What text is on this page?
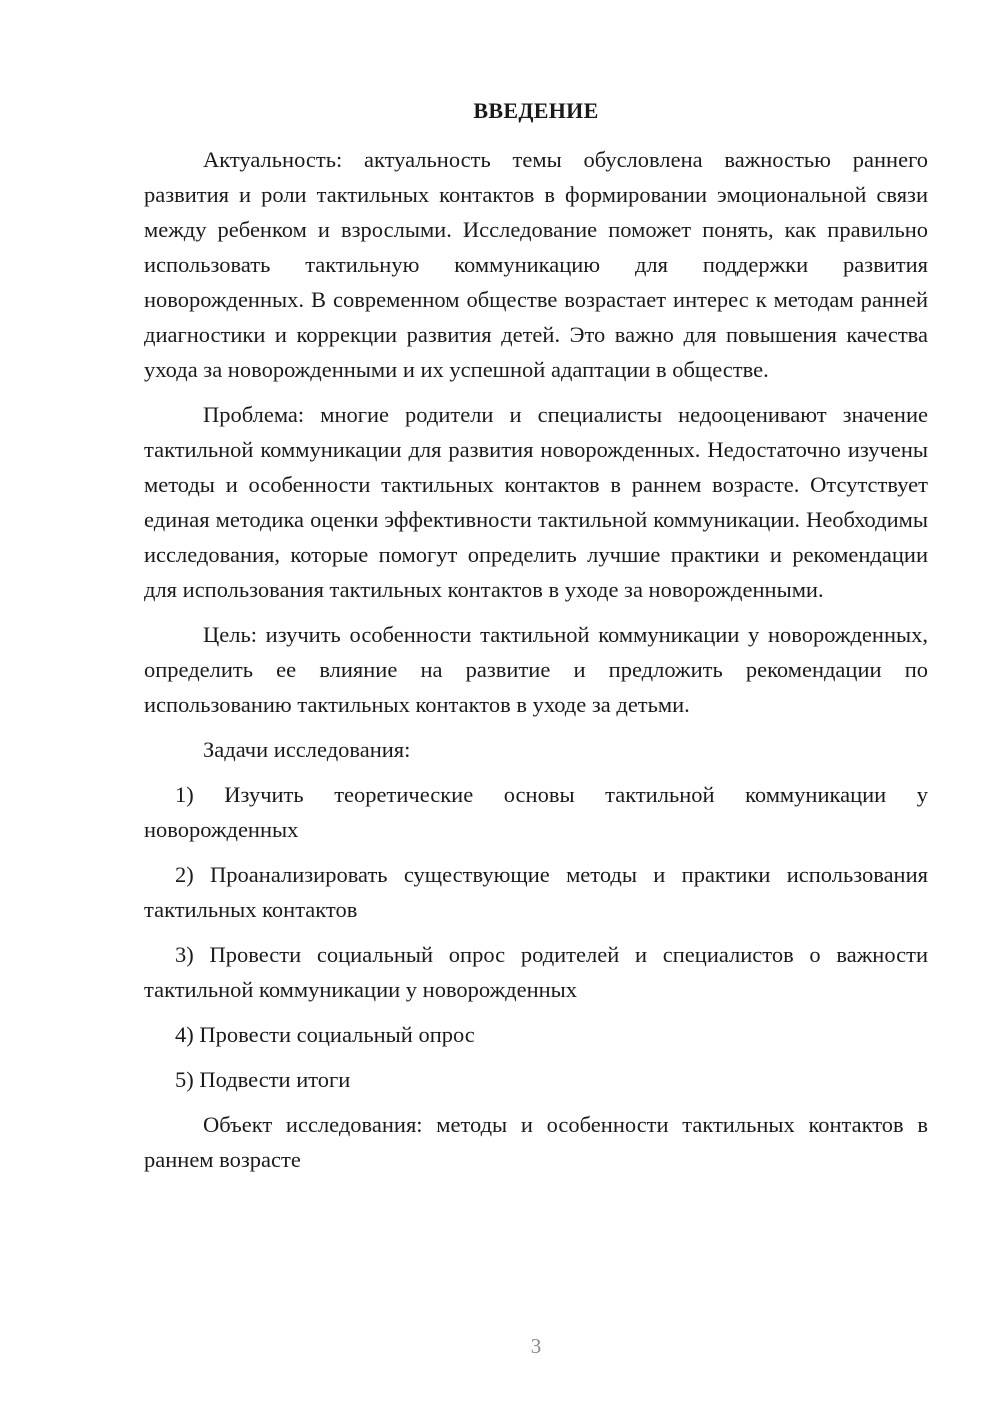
ВВЕДЕНИЕ

Актуальность: актуальность темы обусловлена важностью раннего развития и роли тактильных контактов в формировании эмоциональной связи между ребенком и взрослыми. Исследование поможет понять, как правильно использовать тактильную коммуникацию для поддержки развития новорожденных. В современном обществе возрастает интерес к методам ранней диагностики и коррекции развития детей. Это важно для повышения качества ухода за новорожденными и их успешной адаптации в обществе.

Проблема: многие родители и специалисты недооценивают значение тактильной коммуникации для развития новорожденных. Недостаточно изучены методы и особенности тактильных контактов в раннем возрасте. Отсутствует единая методика оценки эффективности тактильной коммуникации. Необходимы исследования, которые помогут определить лучшие практики и рекомендации для использования тактильных контактов в уходе за новорожденными.

Цель: изучить особенности тактильной коммуникации у новорожденных, определить ее влияние на развитие и предложить рекомендации по использованию тактильных контактов в уходе за детьми.

Задачи исследования:

1) Изучить теоретические основы тактильной коммуникации у новорожденных

2) Проанализировать существующие методы и практики использования тактильных контактов

3) Провести социальный опрос родителей и специалистов о важности тактильной коммуникации у новорожденных

4) Провести социальный опрос

5) Подвести итоги

Объект исследования: методы и особенности тактильных контактов в раннем возрасте

3
